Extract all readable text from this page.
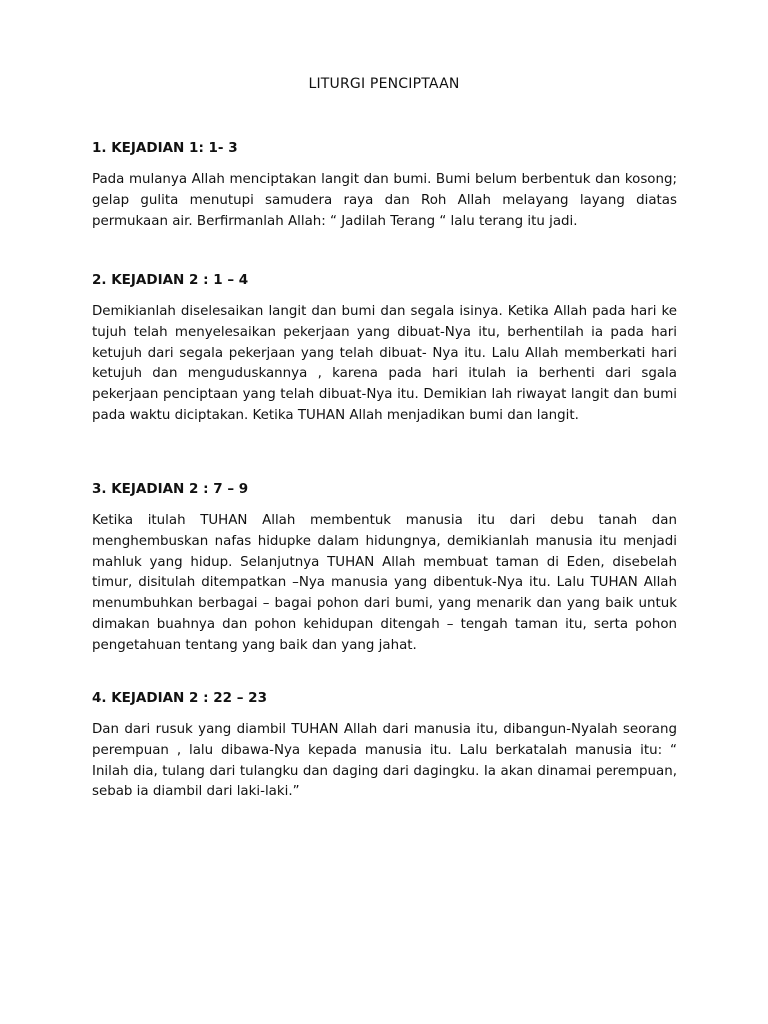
LITURGI PENCIPTAAN

1. KEJADIAN 1: 1- 3

Pada mulanya Allah menciptakan langit dan bumi. Bumi belum berbentuk dan kosong; gelap gulita menutupi samudera raya dan Roh Allah melayang layang diatas permukaan air. Berfirmanlah Allah: “ Jadilah Terang “ lalu terang itu jadi.

2. KEJADIAN 2 : 1 – 4

Demikianlah diselesaikan langit dan bumi dan segala isinya. Ketika Allah pada hari ke tujuh telah menyelesaikan pekerjaan yang dibuat-Nya itu, berhentilah ia pada hari ketujuh dari segala pekerjaan yang telah dibuat- Nya itu. Lalu Allah memberkati hari ketujuh dan menguduskannya , karena pada hari itulah ia berhenti dari sgala pekerjaan penciptaan yang telah dibuat-Nya itu. Demikian lah riwayat langit dan bumi pada waktu diciptakan. Ketika TUHAN Allah menjadikan bumi dan langit.

3. KEJADIAN 2 : 7 – 9

Ketika itulah TUHAN Allah membentuk manusia itu dari debu tanah dan menghembuskan nafas hidupke dalam hidungnya, demikianlah manusia itu menjadi mahluk yang hidup. Selanjutnya TUHAN Allah membuat taman di Eden, disebelah timur, disitulah ditempatkan –Nya manusia yang dibentuk-Nya itu. Lalu TUHAN Allah menumbuhkan berbagai – bagai pohon dari bumi, yang menarik dan yang baik untuk dimakan buahnya dan pohon kehidupan ditengah – tengah taman itu, serta pohon pengetahuan tentang yang baik dan yang jahat.

4. KEJADIAN 2 : 22 – 23

Dan dari rusuk yang diambil TUHAN Allah dari manusia itu, dibangun-Nyalah seorang perempuan , lalu dibawa-Nya kepada manusia itu. Lalu berkatalah manusia itu: “ Inilah dia, tulang dari tulangku dan daging dari dagingku. Ia akan dinamai perempuan, sebab ia diambil dari laki-laki.”
